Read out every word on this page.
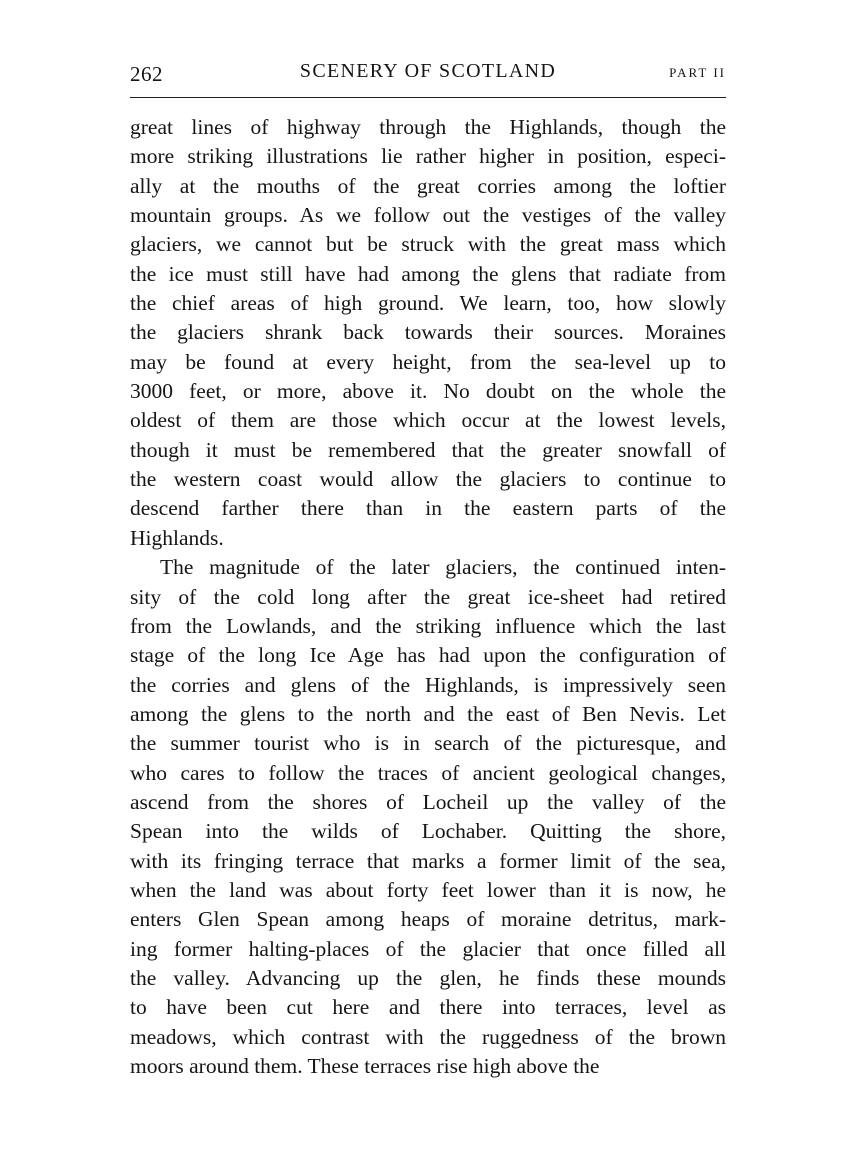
262	SCENERY OF SCOTLAND	PART II
great lines of highway through the Highlands, though the
more striking illustrations lie rather higher in position, especi-
ally at the mouths of the great corries among the loftier
mountain groups. As we follow out the vestiges of the valley
glaciers, we cannot but be struck with the great mass which
the ice must still have had among the glens that radiate from
the chief areas of high ground. We learn, too, how slowly
the glaciers shrank back towards their sources. Moraines
may be found at every height, from the sea-level up to
3000 feet, or more, above it. No doubt on the whole the
oldest of them are those which occur at the lowest levels,
though it must be remembered that the greater snowfall of
the western coast would allow the glaciers to continue to
descend farther there than in the eastern parts of the
Highlands.
The magnitude of the later glaciers, the continued inten-
sity of the cold long after the great ice-sheet had retired
from the Lowlands, and the striking influence which the last
stage of the long Ice Age has had upon the configuration of
the corries and glens of the Highlands, is impressively seen
among the glens to the north and the east of Ben Nevis. Let
the summer tourist who is in search of the picturesque, and
who cares to follow the traces of ancient geological changes,
ascend from the shores of Locheil up the valley of the
Spean into the wilds of Lochaber. Quitting the shore,
with its fringing terrace that marks a former limit of the sea,
when the land was about forty feet lower than it is now, he
enters Glen Spean among heaps of moraine detritus, mark-
ing former halting-places of the glacier that once filled all
the valley. Advancing up the glen, he finds these mounds
to have been cut here and there into terraces, level as
meadows, which contrast with the ruggedness of the brown
moors around them. These terraces rise high above the
